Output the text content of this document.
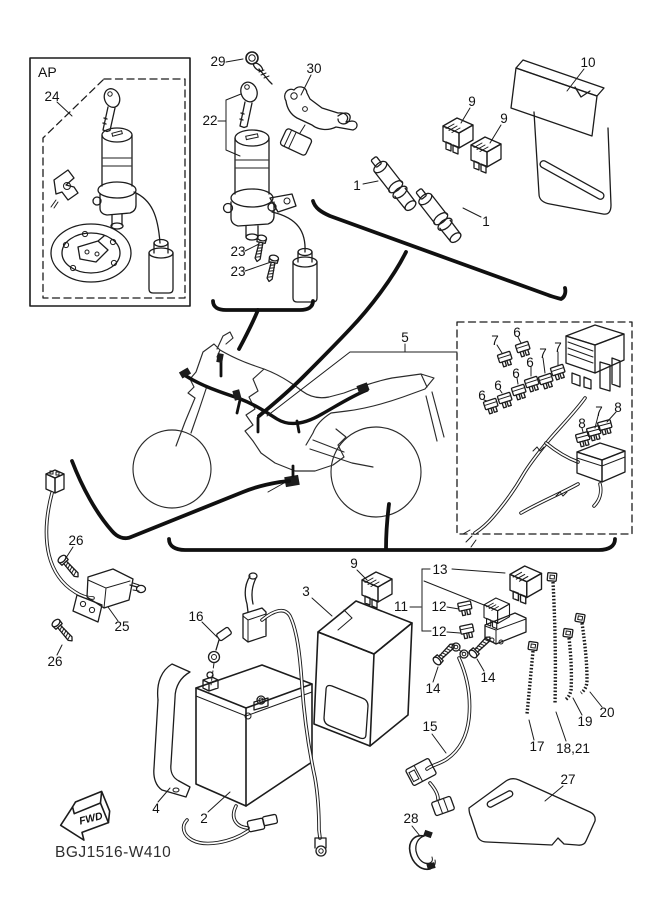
FWD
AP
24
29	30
22
23
23
1
1
9
9
10
5	7
6
7 7
6
6
6
6
8
7 8
26
25
26
16
3
9	13
11 12
12
14
14
15
17 18,21
19
20
27
28
4
2
BGJ1516-W410
